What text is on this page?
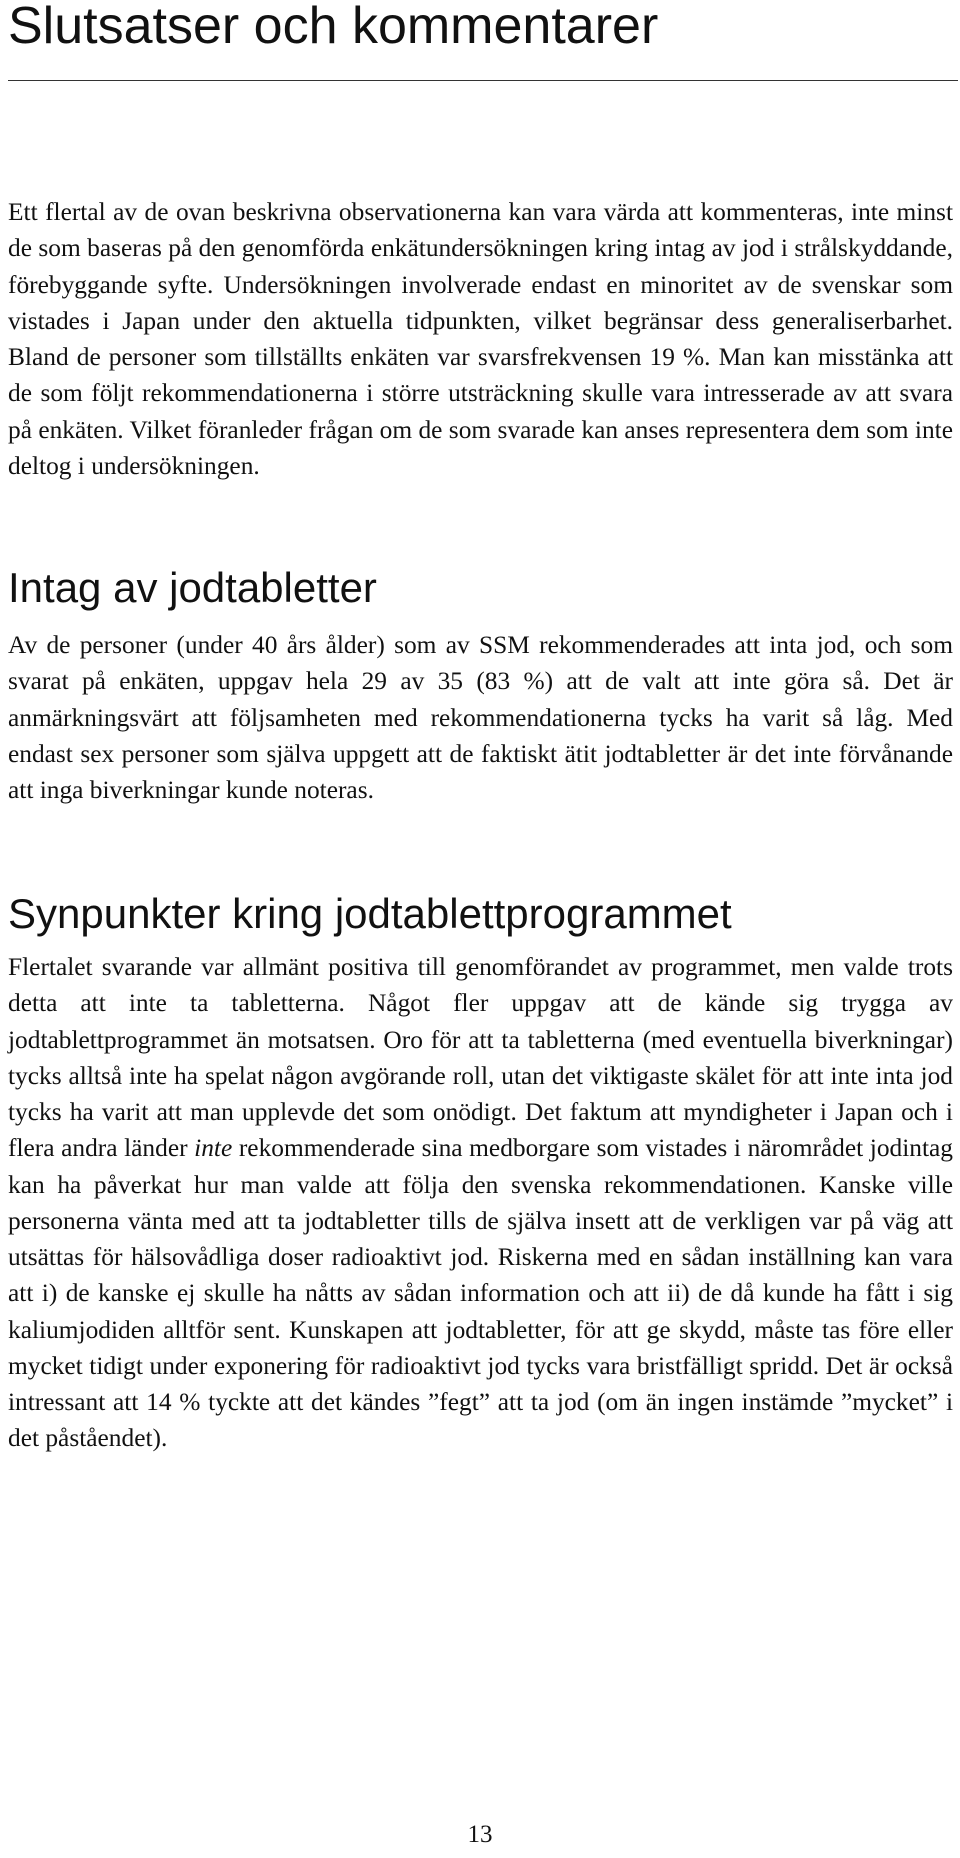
Slutsatser och kommentarer

Ett flertal av de ovan beskrivna observationerna kan vara värda att kommenteras, inte minst de som baseras på den genomförda enkätundersökningen kring intag av jod i strålskyddande, förebyggande syfte. Undersökningen involverade endast en minoritet av de svenskar som vistades i Japan under den aktuella tidpunkten, vilket begränsar dess generaliserbarhet. Bland de personer som tillställts enkäten var svarsfrekvensen 19 %. Man kan misstänka att de som följt rekommendationerna i större utsträckning skulle vara intresserade av att svara på enkäten. Vilket föranleder frågan om de som svarade kan anses representera dem som inte deltog i undersökningen.

Intag av jodtabletter

Av de personer (under 40 års ålder) som av SSM rekommenderades att inta jod, och som svarat på enkäten, uppgav hela 29 av 35 (83 %) att de valt att inte göra så. Det är anmärkningsvärt att följsamheten med rekommendationerna tycks ha varit så låg. Med endast sex personer som själva uppgett att de faktiskt ätit jodtabletter är det inte förvånande att inga biverkningar kunde noteras.

Synpunkter kring jodtablettprogrammet

Flertalet svarande var allmänt positiva till genomförandet av programmet, men valde trots detta att inte ta tabletterna. Något fler uppgav att de kände sig trygga av jodtablettprogrammet än motsatsen. Oro för att ta tabletterna (med eventuella biverkningar) tycks alltså inte ha spelat någon avgörande roll, utan det viktigaste skälet för att inte inta jod tycks ha varit att man upplevde det som onödigt. Det faktum att myndigheter i Japan och i flera andra länder inte rekommenderade sina medborgare som vistades i närområdet jodintag kan ha påverkat hur man valde att följa den svenska rekommendationen. Kanske ville personerna vänta med att ta jodtabletter tills de själva insett att de verkligen var på väg att utsättas för hälsovådliga doser radioaktivt jod. Riskerna med en sådan inställning kan vara att i) de kanske ej skulle ha nåtts av sådan information och att ii) de då kunde ha fått i sig kaliumjodiden alltför sent. Kunskapen att jodtabletter, för att ge skydd, måste tas före eller mycket tidigt under exponering för radioaktivt jod tycks vara bristfälligt spridd. Det är också intressant att 14 % tyckte att det kändes ”fegt” att ta jod (om än ingen instämde ”mycket” i det påståendet).

13
